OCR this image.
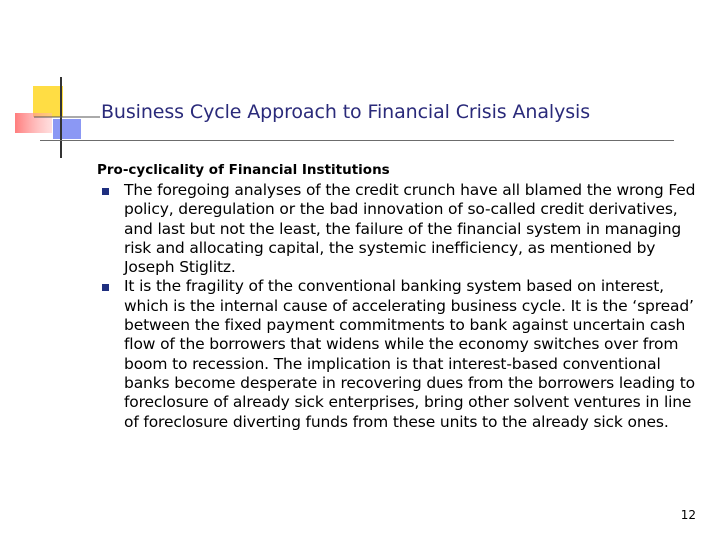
Business Cycle Approach to Financial Crisis Analysis
Pro-cyclicality of Financial Institutions
The foregoing analyses of the credit crunch have all blamed the wrong Fed policy, deregulation or the bad innovation of so-called credit derivatives, and last but not the least, the failure of the financial system in managing risk and allocating capital, the systemic inefficiency, as mentioned by Joseph Stiglitz.
It is the fragility of the conventional banking system based on interest, which is the internal cause of accelerating business cycle. It is the ‘spread’ between the fixed payment commitments to bank against uncertain cash flow of the borrowers that widens while the economy switches over from boom to recession. The implication is that interest-based conventional banks become desperate in recovering dues from the borrowers leading to foreclosure of already sick enterprises, bring other solvent ventures in line of foreclosure diverting funds from these units to the already sick ones.
12
